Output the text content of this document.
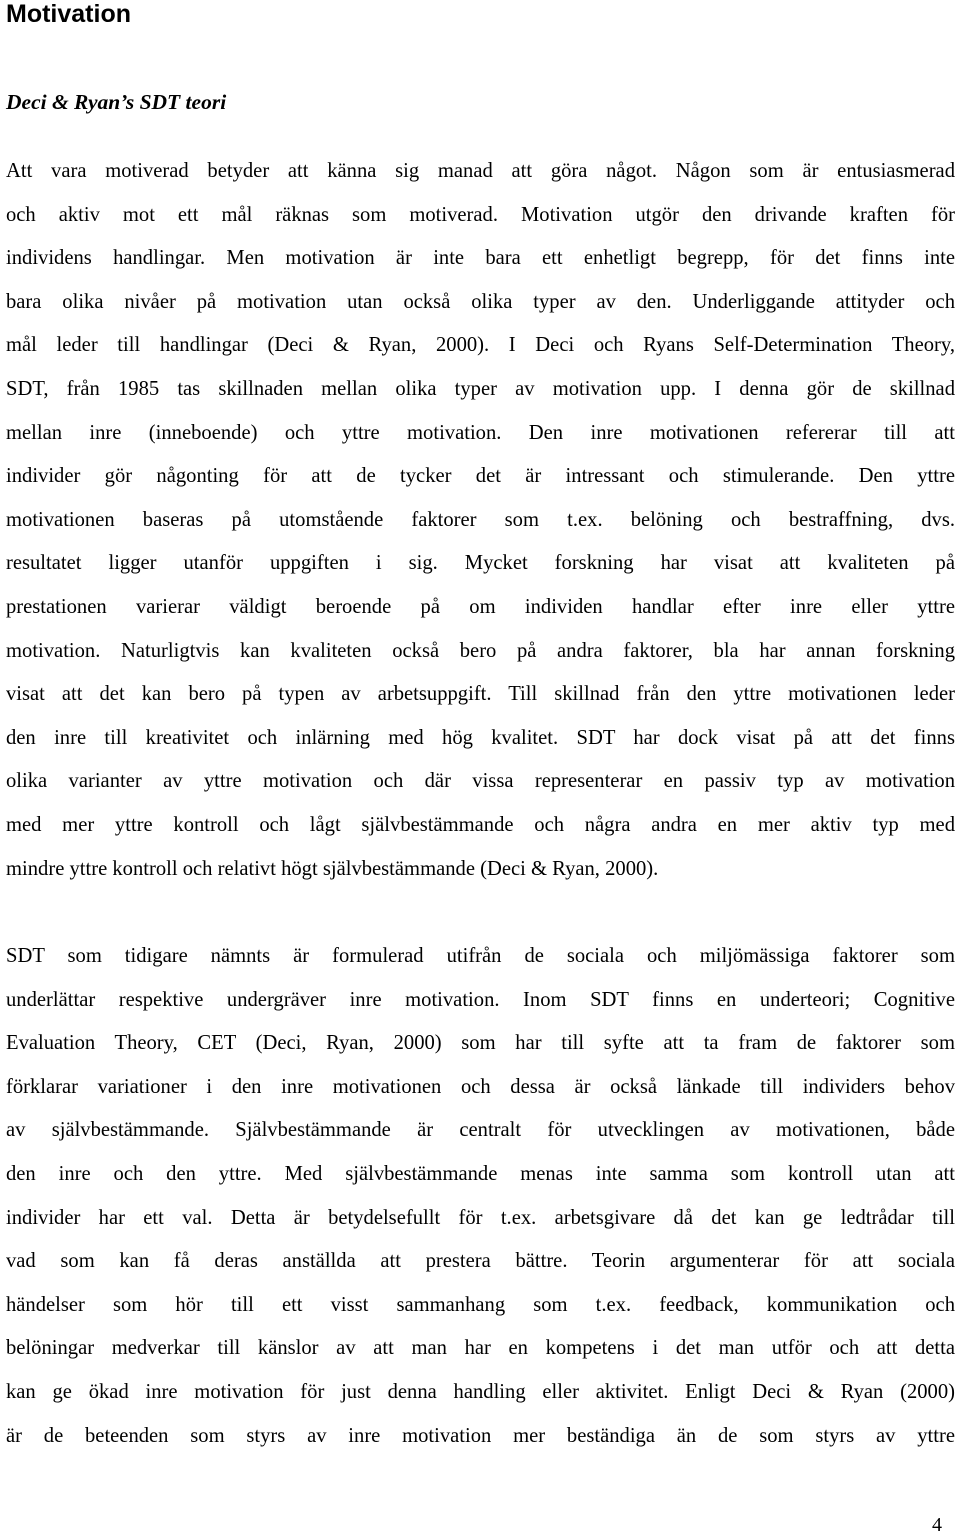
Motivation
Deci & Ryan’s SDT teori
Att vara motiverad betyder att känna sig manad att göra något. Någon som är entusiasmerad
och aktiv mot ett mål räknas som motiverad. Motivation utgör den drivande kraften för
individens handlingar. Men motivation är inte bara ett enhetligt begrepp, för det finns inte
bara olika nivåer på motivation utan också olika typer av den. Underliggande attityder och
mål leder till handlingar (Deci & Ryan, 2000). I Deci och Ryans Self-Determination Theory,
SDT, från 1985 tas skillnaden mellan olika typer av motivation upp. I denna gör de skillnad
mellan inre (inneboende) och yttre motivation. Den inre motivationen refererar till att
individer gör någonting för att de tycker det är intressant och stimulerande. Den yttre
motivationen baseras på utomstående faktorer som t.ex. belöning och bestraffning, dvs.
resultatet ligger utanför uppgiften i sig. Mycket forskning har visat att kvaliteten på
prestationen varierar väldigt beroende på om individen handlar efter inre eller yttre
motivation. Naturligtvis kan kvaliteten också bero på andra faktorer, bla har annan forskning
visat att det kan bero på typen av arbetsuppgift. Till skillnad från den yttre motivationen leder
den inre till kreativitet och inlärning med hög kvalitet. SDT har dock visat på att det finns
olika varianter av yttre motivation och där vissa representerar en passiv typ av motivation
med mer yttre kontroll och lågt självbestämmande och några andra en mer aktiv typ med
mindre yttre kontroll och relativt högt självbestämmande (Deci & Ryan, 2000).
SDT som tidigare nämnts är formulerad utifrån de sociala och miljömässiga faktorer som
underlättar respektive undergräver inre motivation. Inom SDT finns en underteori; Cognitive
Evaluation Theory, CET (Deci, Ryan, 2000) som har till syfte att ta fram de faktorer som
förklarar variationer i den inre motivationen och dessa är också länkade till individers behov
av självbestämmande. Självbestämmande är centralt för utvecklingen av motivationen, både
den inre och den yttre. Med självbestämmande menas inte samma som kontroll utan att
individer har ett val. Detta är betydelsefullt för t.ex. arbetsgivare då det kan ge ledtrådar till
vad som kan få deras anställda att prestera bättre. Teorin argumenterar för att sociala
händelser som hör till ett visst sammanhang som t.ex. feedback, kommunikation och
belöningar medverkar till känslor av att man har en kompetens i det man utför och att detta
kan ge ökad inre motivation för just denna handling eller aktivitet. Enligt Deci & Ryan (2000)
är de beteenden som styrs av inre motivation mer beständiga än de som styrs av yttre
4
